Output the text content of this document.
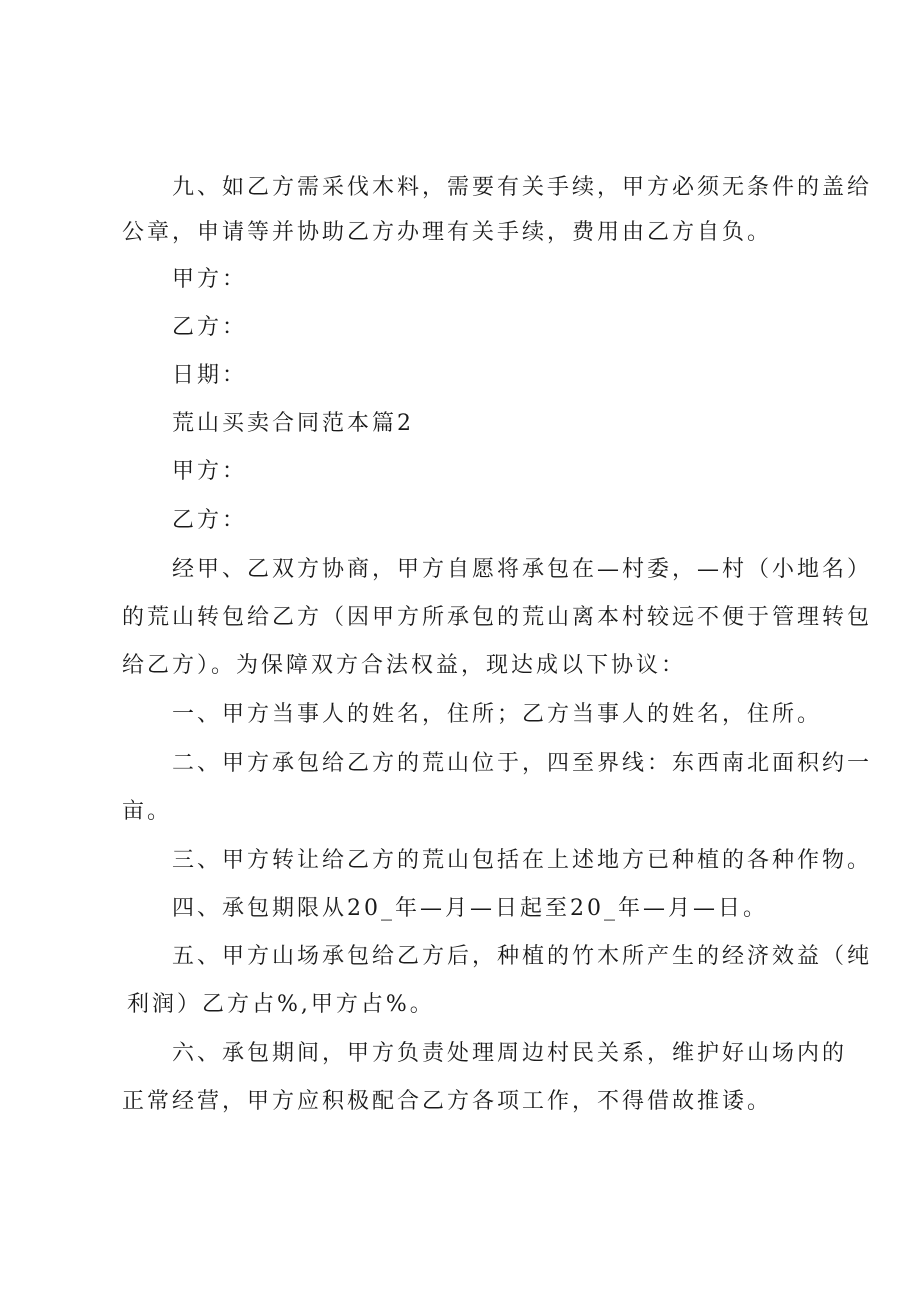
九、如乙方需采伐木料，需要有关手续，甲方必须无条件的盖给
公章，申请等并协助乙方办理有关手续，费用由乙方自负。
甲方：
乙方：
日期：
荒山买卖合同范本篇2
甲方：
乙方：
经甲、乙双方协商，甲方自愿将承包在—村委，—村（小地名）
的荒山转包给乙方（因甲方所承包的荒山离本村较远不便于管理转包
给乙方）。为保障双方合法权益，现达成以下协议：
一、甲方当事人的姓名，住所；乙方当事人的姓名，住所。
二、甲方承包给乙方的荒山位于，四至界线：东西南北面积约一
亩。
三、甲方转让给乙方的荒山包括在上述地方已种植的各种作物。
四、承包期限从20_年—月—日起至20_年—月—日。
五、甲方山场承包给乙方后，种植的竹木所产生的经济效益（纯
利润）乙方占%,甲方占%。
六、承包期间，甲方负责处理周边村民关系，维护好山场内的
正常经营，甲方应积极配合乙方各项工作，不得借故推诿。
